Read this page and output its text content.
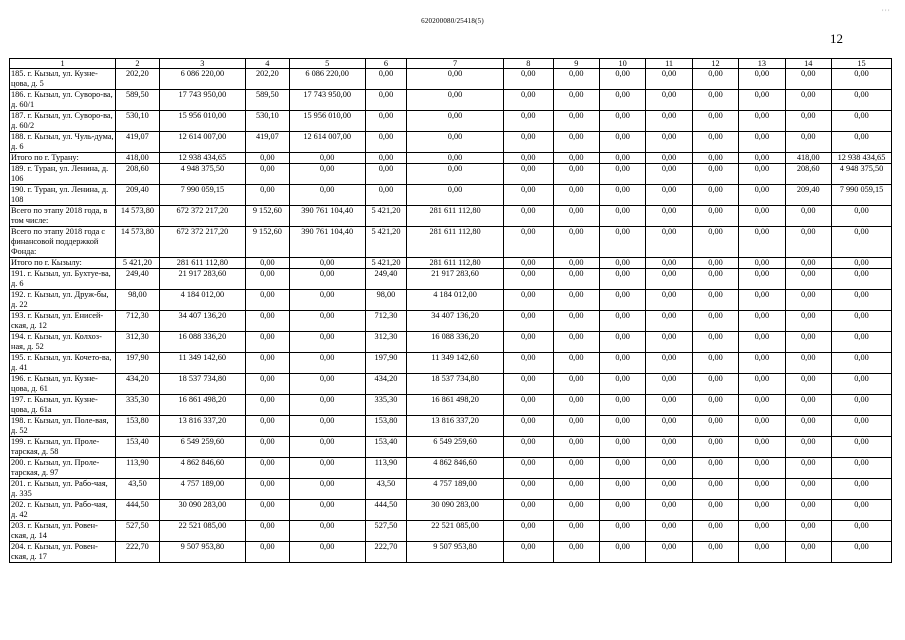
, , ,
620200080/25418(5)
12
1	2	3	4	5	6	7	8	9	10	11	12	13	14	15
185. г. Кызыл, ул. Кузне-цова, д. 5	202,20	6 086 220,00	202,20	6 086 220,00	0,00	0,00	0,00	0,00	0,00	0,00	0,00	0,00	0,00	0,00
186. г. Кызыл, ул. Суворо-ва, д. 60/1	589,50	17 743 950,00	589,50	17 743 950,00	0,00	0,00	0,00	0,00	0,00	0,00	0,00	0,00	0,00	0,00
187. г. Кызыл, ул. Суворо-ва, д. 60/2	530,10	15 956 010,00	530,10	15 956 010,00	0,00	0,00	0,00	0,00	0,00	0,00	0,00	0,00	0,00	0,00
188. г. Кызыл, ул. Чуль-дума, д. 6	419,07	12 614 007,00	419,07	12 614 007,00	0,00	0,00	0,00	0,00	0,00	0,00	0,00	0,00	0,00	0,00
Итого по г. Турану:	418,00	12 938 434,65	0,00	0,00	0,00	0,00	0,00	0,00	0,00	0,00	0,00	0,00	418,00	12 938 434,65
189. г. Туран, ул. Ленина, д. 106	208,60	4 948 375,50	0,00	0,00	0,00	0,00	0,00	0,00	0,00	0,00	0,00	0,00	208,60	4 948 375,50
190. г. Туран, ул. Ленина, д. 108	209,40	7 990 059,15	0,00	0,00	0,00	0,00	0,00	0,00	0,00	0,00	0,00	0,00	209,40	7 990 059,15
Всего по этапу 2018 года, в том числе:	14 573,80	672 372 217,20	9 152,60	390 761 104,40	5 421,20	281 611 112,80	0,00	0,00	0,00	0,00	0,00	0,00	0,00	0,00
Всего по этапу 2018 года с финансовой поддержкой Фонда:	14 573,80	672 372 217,20	9 152,60	390 761 104,40	5 421,20	281 611 112,80	0,00	0,00	0,00	0,00	0,00	0,00	0,00	0,00
Итого по г. Кызылу:	5 421,20	281 611 112,80	0,00	0,00	5 421,20	281 611 112,80	0,00	0,00	0,00	0,00	0,00	0,00	0,00	0,00
191. г. Кызыл, ул. Бухтуе-ва, д. 6	249,40	21 917 283,60	0,00	0,00	249,40	21 917 283,60	0,00	0,00	0,00	0,00	0,00	0,00	0,00	0,00
192. г. Кызыл, ул. Друж-бы, д. 22	98,00	4 184 012,00	0,00	0,00	98,00	4 184 012,00	0,00	0,00	0,00	0,00	0,00	0,00	0,00	0,00
193. г. Кызыл, ул. Енисей-ская, д. 12	712,30	34 407 136,20	0,00	0,00	712,30	34 407 136,20	0,00	0,00	0,00	0,00	0,00	0,00	0,00	0,00
194. г. Кызыл, ул. Колхоз-ная, д. 52	312,30	16 088 336,20	0,00	0,00	312,30	16 088 336,20	0,00	0,00	0,00	0,00	0,00	0,00	0,00	0,00
195. г. Кызыл, ул. Кочето-ва, д. 41	197,90	11 349 142,60	0,00	0,00	197,90	11 349 142,60	0,00	0,00	0,00	0,00	0,00	0,00	0,00	0,00
196. г. Кызыл, ул. Кузне-цова, д. 61	434,20	18 537 734,80	0,00	0,00	434,20	18 537 734,80	0,00	0,00	0,00	0,00	0,00	0,00	0,00	0,00
197. г. Кызыл, ул. Кузне-цова, д. 61а	335,30	16 861 498,20	0,00	0,00	335,30	16 861 498,20	0,00	0,00	0,00	0,00	0,00	0,00	0,00	0,00
198. г. Кызыл, ул. Поле-вая, д. 52	153,80	13 816 337,20	0,00	0,00	153,80	13 816 337,20	0,00	0,00	0,00	0,00	0,00	0,00	0,00	0,00
199. г. Кызыл, ул. Проле-тарская, д. 58	153,40	6 549 259,60	0,00	0,00	153,40	6 549 259,60	0,00	0,00	0,00	0,00	0,00	0,00	0,00	0,00
200. г. Кызыл, ул. Проле-тарская, д. 97	113,90	4 862 846,60	0,00	0,00	113,90	4 862 846,60	0,00	0,00	0,00	0,00	0,00	0,00	0,00	0,00
201. г. Кызыл, ул. Рабо-чая, д. 335	43,50	4 757 189,00	0,00	0,00	43,50	4 757 189,00	0,00	0,00	0,00	0,00	0,00	0,00	0,00	0,00
202. г. Кызыл, ул. Рабо-чая, д. 42	444,50	30 090 283,00	0,00	0,00	444,50	30 090 283,00	0,00	0,00	0,00	0,00	0,00	0,00	0,00	0,00
203. г. Кызыл, ул. Ровен-ская, д. 14	527,50	22 521 085,00	0,00	0,00	527,50	22 521 085,00	0,00	0,00	0,00	0,00	0,00	0,00	0,00	0,00
204. г. Кызыл, ул. Ровен-ская, д. 17	222,70	9 507 953,80	0,00	0,00	222,70	9 507 953,80	0,00	0,00	0,00	0,00	0,00	0,00	0,00	0,00
